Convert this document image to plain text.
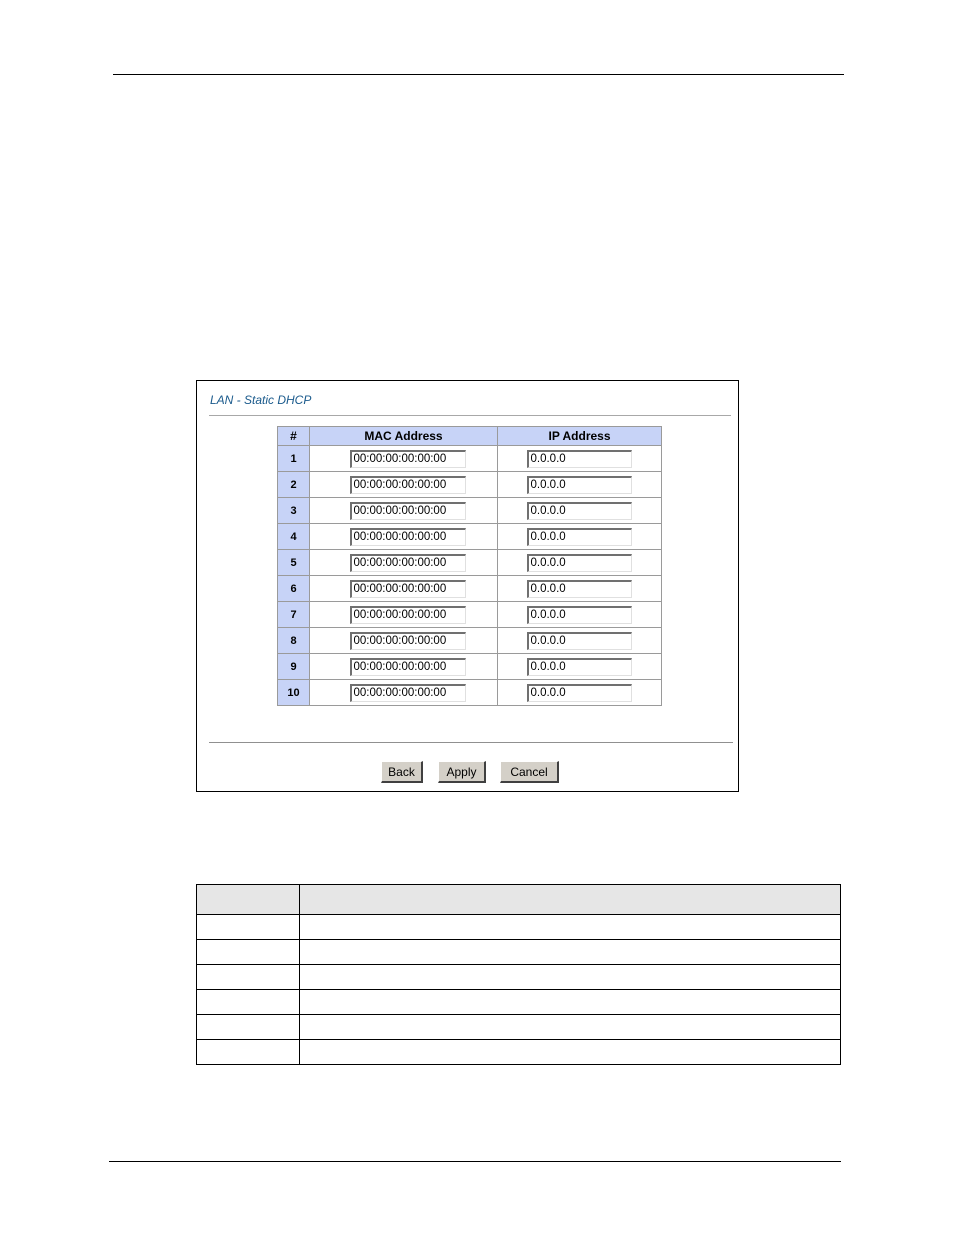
LAN - Static DHCP
#	MAC Address	IP Address
1	00:00:00:00:00:00	0.0.0.0

2	00:00:00:00:00:00	0.0.0.0

3	00:00:00:00:00:00	0.0.0.0

4	00:00:00:00:00:00	0.0.0.0

5	00:00:00:00:00:00	0.0.0.0

6	00:00:00:00:00:00	0.0.0.0

7	00:00:00:00:00:00	0.0.0.0

8	00:00:00:00:00:00	0.0.0.0

9	00:00:00:00:00:00	0.0.0.0

10	00:00:00:00:00:00	0.0.0.0
Back	Apply	Cancel
